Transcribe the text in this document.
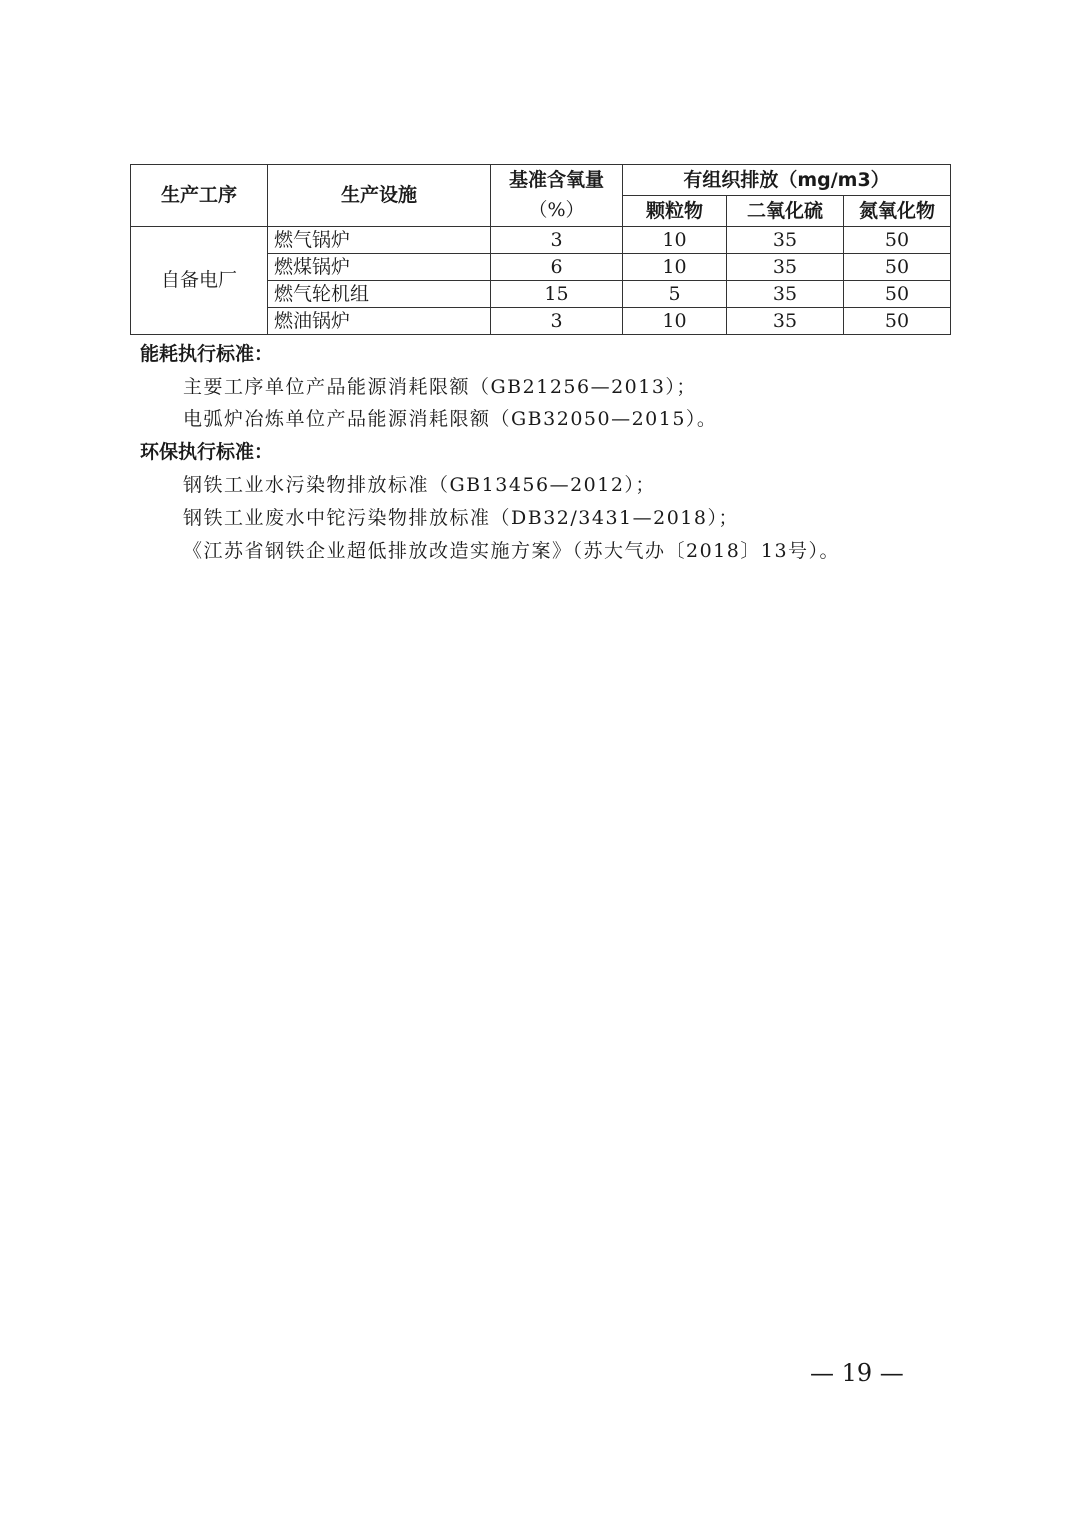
生产工序	生产设施	基准含氧量	有组织排放（mg/m3）		
		（%）	颗粒物	二氧化硫	氮氧化物
自备电厂	燃气锅炉	3	10	35	50
	燃煤锅炉	6	10	35	50
	燃气轮机组	15	5	35	50
	燃油锅炉	3	10	35	50
能耗执行标准：
主要工序单位产品能源消耗限额（GB21256—2013）；
电弧炉冶炼单位产品能源消耗限额（GB32050—2015）。
环保执行标准：
钢铁工业水污染物排放标准（GB13456—2012）；
钢铁工业废水中铊污染物排放标准（DB32/3431—2018）；
《江苏省钢铁企业超低排放改造实施方案》（苏大气办〔2018〕13号）。
— 19 —
